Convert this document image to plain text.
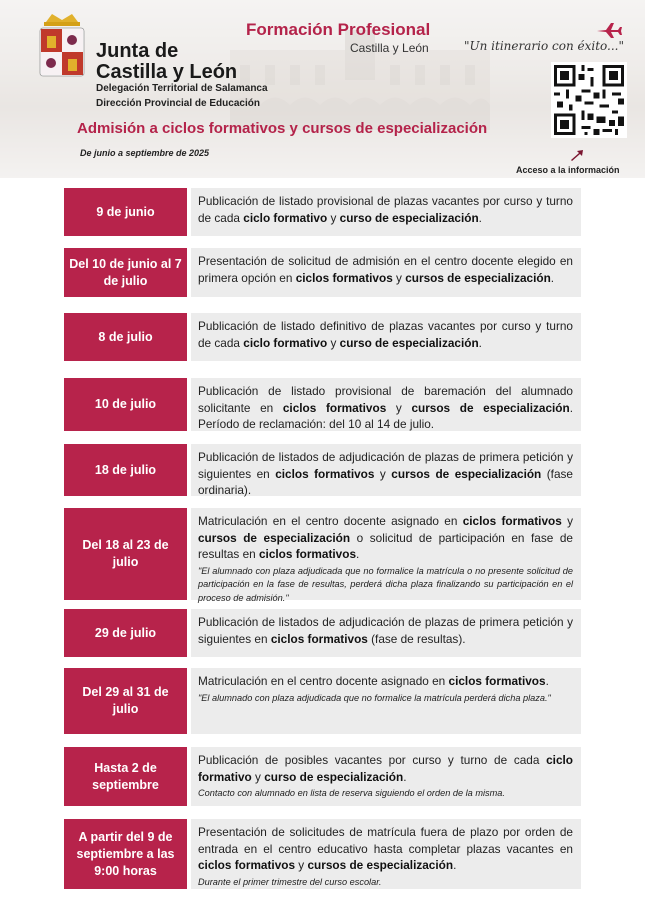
Junta de
Castilla y León
Delegación Territorial de Salamanca
Dirección Provincial de Educación
Formación Profesional
Castilla y León	"Un itinerario con éxito..."
Admisión a ciclos formativos y cursos de especialización
De junio a septiembre de 2025
Acceso a la información
9 de junio
Publicación de listado provisional de plazas vacantes por curso y turno de cada ciclo formativo y curso de especialización.
Del 10 de junio al 7 de julio
Presentación de solicitud de admisión en el centro docente elegido en primera opción en ciclos formativos y cursos de especialización.
8 de julio
Publicación de listado definitivo de plazas vacantes por curso y turno de cada ciclo formativo y curso de especialización.
10 de julio
Publicación de listado provisional de baremación del alumnado solicitante en ciclos formativos y cursos de especialización. Período de reclamación: del 10 al 14 de julio.
18 de julio
Publicación de listados de adjudicación de plazas de primera petición y siguientes en ciclos formativos y cursos de especialización (fase ordinaria).
Del 18 al 23 de julio
Matriculación en el centro docente asignado en ciclos formativos y cursos de especialización o solicitud de participación en fase de resultas en ciclos formativos.
"El alumnado con plaza adjudicada que no formalice la matrícula o no presente solicitud de participación en la fase de resultas, perderá dicha plaza finalizando su participación en el proceso de admisión."
29 de julio
Publicación de listados de adjudicación de plazas de primera petición y siguientes en ciclos formativos (fase de resultas).
Del 29 al 31 de julio
Matriculación en el centro docente asignado en ciclos formativos.
"El alumnado con plaza adjudicada que no formalice la matrícula perderá dicha plaza."
Hasta 2 de septiembre
Publicación de posibles vacantes por curso y turno de cada ciclo formativo y curso de especialización.
Contacto con alumnado en lista de reserva siguiendo el orden de la misma.
A partir del 9 de septiembre a las 9:00 horas
Presentación de solicitudes de matrícula fuera de plazo por orden de entrada en el centro educativo hasta completar plazas vacantes en ciclos formativos y cursos de especialización.
Durante el primer trimestre del curso escolar.
